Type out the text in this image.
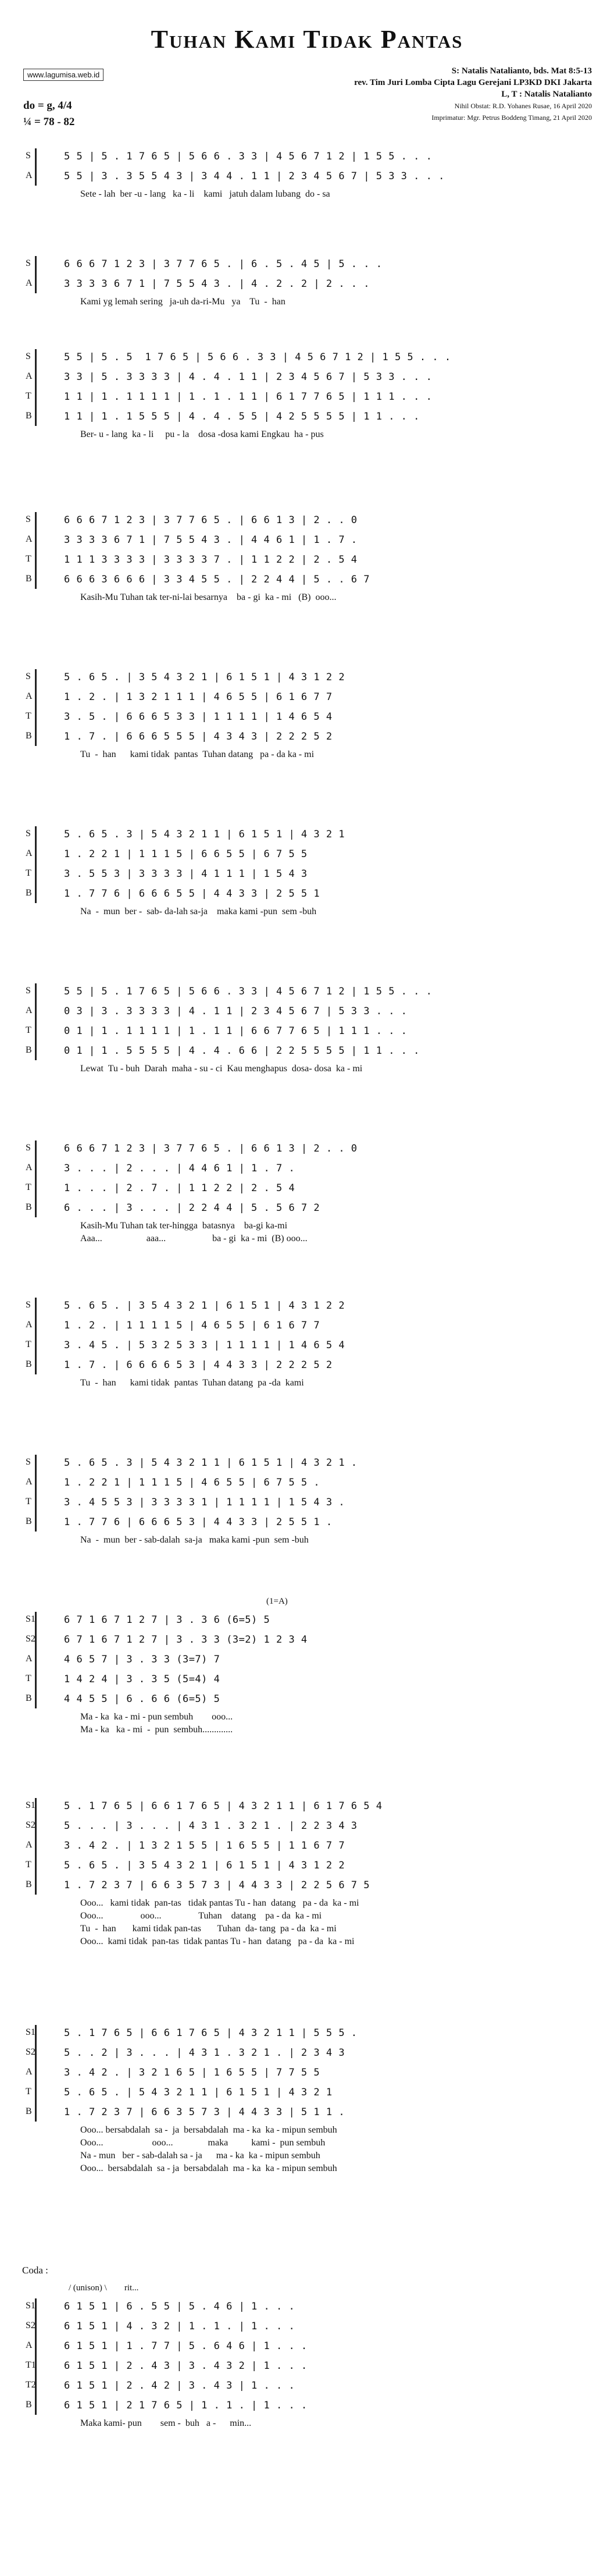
Tuhan Kami Tidak Pantas
www.lagumisa.web.id
do = g, 4/4
¼ = 78 - 82
S: Natalis Natalianto, bds. Mat 8:5-13
rev. Tim Juri Lomba Cipta Lagu Gerejani LP3KD DKI Jakarta
L, T : Natalis Natalianto
Nihil Obstat: R.D. Yohanes Rusae, 16 April 2020
Imprimatur: Mgr. Petrus Boddeng Timang, 21 April 2020
S	5 5 | 5 . 1 7 6 5 | 5 6 6 . 3 3 | 4 5 6 7 1 2 | 1 5 5 . . .
A	5 5 | 3 . 3 5 5 4 3 | 3 4 4 . 1 1 | 2 3 4 5 6 7 | 5 3 3 . . .
Sete - lah  ber -u - lang   ka - li    kami   jatuh dalam lubang  do - sa
S	6 6 6 7 1 2 3 | 3 7 7 6 5 . | 6 . 5 . 4 5 | 5 . . .
A	3 3 3 3 6 7 1 | 7 5 5 4 3 . | 4 . 2 . 2 | 2 . . .
Kami yg lemah sering   ja-uh da-ri-Mu   ya    Tu  -  han
S	5 5 | 5 . 5  1 7 6 5 | 5 6 6 . 3 3 | 4 5 6 7 1 2 | 1 5 5 . . .
A	3 3 | 5 . 3 3 3 3 | 4 . 4 . 1 1 | 2 3 4 5 6 7 | 5 3 3 . . .
T	1 1 | 1 . 1 1 1 1 | 1 . 1 . 1 1 | 6 1 7 7 6 5 | 1 1 1 . . .
B	1 1 | 1 . 1 5 5 5 | 4 . 4 . 5 5 | 4 2 5 5 5 5 | 1 1 . . .
Ber- u - lang  ka - li     pu - la    dosa -dosa kami Engkau  ha - pus
S	6 6 6 7 1 2 3 | 3 7 7 6 5 . | 6 6 1 3 | 2 . . 0
A	3 3 3 3 6 7 1 | 7 5 5 4 3 . | 4 4 6 1 | 1 . 7 .
T	1 1 1 3 3 3 3 | 3 3 3 3 7 . | 1 1 2 2 | 2 . 5 4
B	6 6 6 3 6 6 6 | 3 3 4 5 5 . | 2 2 4 4 | 5 . . 6 7
Kasih-Mu Tuhan tak ter-ni-lai besarnya    ba - gi  ka - mi   (B)  ooo...
S	5 . 6 5 . | 3 5 4 3 2 1 | 6 1 5 1 | 4 3 1 2 2
A	1 . 2 . | 1 3 2 1 1 1 | 4 6 5 5 | 6 1 6 7 7
T	3 . 5 . | 6 6 6 5 3 3 | 1 1 1 1 | 1 4 6 5 4
B	1 . 7 . | 6 6 6 5 5 5 | 4 3 4 3 | 2 2 2 5 2
Tu  -  han      kami tidak  pantas  Tuhan datang   pa - da ka - mi
S	5 . 6 5 . 3 | 5 4 3 2 1 1 | 6 1 5 1 | 4 3 2 1
A	1 . 2 2 1 | 1 1 1 5 | 6 6 5 5 | 6 7 5 5
T	3 . 5 5 3 | 3 3 3 3 | 4 1 1 1 | 1 5 4 3
B	1 . 7 7 6 | 6 6 6 5 5 | 4 4 3 3 | 2 5 5 1
Na  -  mun  ber -  sab- da-lah sa-ja    maka kami -pun  sem -buh
S	5 5 | 5 . 1 7 6 5 | 5 6 6 . 3 3 | 4 5 6 7 1 2 | 1 5 5 . . .
A	0 3 | 3 . 3 3 3 3 | 4 . 1 1 | 2 3 4 5 6 7 | 5 3 3 . . .
T	0 1 | 1 . 1 1 1 1 | 1 . 1 1 | 6 6 7 7 6 5 | 1 1 1 . . .
B	0 1 | 1 . 5 5 5 5 | 4 . 4 . 6 6 | 2 2 5 5 5 5 | 1 1 . . .
Lewat  Tu - buh  Darah  maha - su - ci  Kau menghapus  dosa- dosa  ka - mi
S	6 6 6 7 1 2 3 | 3 7 7 6 5 . | 6 6 1 3 | 2 . . 0
A	3 . . . | 2 . . . | 4 4 6 1 | 1 . 7 .
T	1 . . . | 2 . 7 . | 1 1 2 2 | 2 . 5 4
B	6 . . . | 3 . . . | 2 2 4 4 | 5 . 5 6 7 2
Kasih-Mu Tuhan tak ter-hingga  batasnya    ba-gi ka-mi
Aaa...                   aaa...                    ba - gi  ka - mi  (B) ooo...
S	5 . 6 5 . | 3 5 4 3 2 1 | 6 1 5 1 | 4 3 1 2 2
A	1 . 2 . | 1 1 1 1 5 | 4 6 5 5 | 6 1 6 7 7
T	3 . 4 5 . | 5 3 2 5 3 3 | 1 1 1 1 | 1 4 6 5 4
B	1 . 7 . | 6 6 6 6 5 3 | 4 4 3 3 | 2 2 2 5 2
Tu  -  han      kami tidak  pantas  Tuhan datang  pa -da  kami
S	5 . 6 5 . 3 | 5 4 3 2 1 1 | 6 1 5 1 | 4 3 2 1 .
A	1 . 2 2 1 | 1 1 1 5 | 4 6 5 5 | 6 7 5 5 .
T	3 . 4 5 5 3 | 3 3 3 3 1 | 1 1 1 1 | 1 5 4 3 .
B	1 . 7 7 6 | 6 6 6 5 3 | 4 4 3 3 | 2 5 5 1 .
Na  -  mun  ber - sab-dalah  sa-ja   maka kami -pun  sem -buh
(1=A)
S1	6 7 1 6 7 1 2 7 | 3 . 3 6 (6=5) 5
S2	6 7 1 6 7 1 2 7 | 3 . 3 3 (3=2) 1 2 3 4
A	4 6 5 7 | 3 . 3 3 (3=7) 7
T	1 4 2 4 | 3 . 3 5 (5=4) 4
B	4 4 5 5 | 6 . 6 6 (6=5) 5
Ma - ka  ka - mi - pun sembuh        ooo...
Ma - ka   ka - mi  -  pun  sembuh.............
S1	5 . 1 7 6 5 | 6 6 1 7 6 5 | 4 3 2 1 1 | 6 1 7 6 5 4
S2	5 . . . | 3 . . . | 4 3 1 . 3 2 1 . | 2 2 3 4 3
A	3 . 4 2 . | 1 3 2 1 5 5 | 1 6 5 5 | 1 1 6 7 7
T	5 . 6 5 . | 3 5 4 3 2 1 | 6 1 5 1 | 4 3 1 2 2
B	1 . 7 2 3 7 | 6 6 3 5 7 3 | 4 4 3 3 | 2 2 5 6 7 5
Ooo...   kami tidak  pan-tas   tidak pantas Tu - han  datang   pa - da  ka - mi
Ooo...                ooo...                Tuhan    datang    pa - da  ka - mi
Tu  -  han       kami tidak pan-tas       Tuhan  da- tang  pa - da  ka - mi
Ooo...  kami tidak  pan-tas  tidak pantas Tu - han  datang   pa - da  ka - mi
S1	5 . 1 7 6 5 | 6 6 1 7 6 5 | 4 3 2 1 1 | 5 5 5 .
S2	5 . . 2 | 3 . . . | 4 3 1 . 3 2 1 . | 2 3 4 3
A	3 . 4 2 . | 3 2 1 6 5 | 1 6 5 5 | 7 7 5 5
T	5 . 6 5 . | 5 4 3 2 1 1 | 6 1 5 1 | 4 3 2 1
B	1 . 7 2 3 7 | 6 6 3 5 7 3 | 4 4 3 3 | 5 1 1 .
Ooo... bersabdalah  sa -  ja  bersabdalah  ma - ka  ka - mipun sembuh
Ooo...                     ooo...               maka          kami -  pun sembuh
Na - mun   ber - sab-dalah sa - ja      ma - ka  ka - mipun sembuh
Ooo...  bersabdalah  sa - ja  bersabdalah  ma - ka  ka - mipun sembuh
Coda :
/ (unison) \        rit...
S1	6 1 5 1 | 6 . 5 5 | 5 . 4 6 | 1 . . .
S2	6 1 5 1 | 4 . 3 2 | 1 . 1 . | 1 . . .
A	6 1 5 1 | 1 . 7 7 | 5 . 6 4 6 | 1 . . .
T1	6 1 5 1 | 2 . 4 3 | 3 . 4 3 2 | 1 . . .
T2	6 1 5 1 | 2 . 4 2 | 3 . 4 3 | 1 . . .
B	6 1 5 1 | 2 1 7 6 5 | 1 . 1 . | 1 . . .
Maka kami- pun        sem -  buh   a -      min...
